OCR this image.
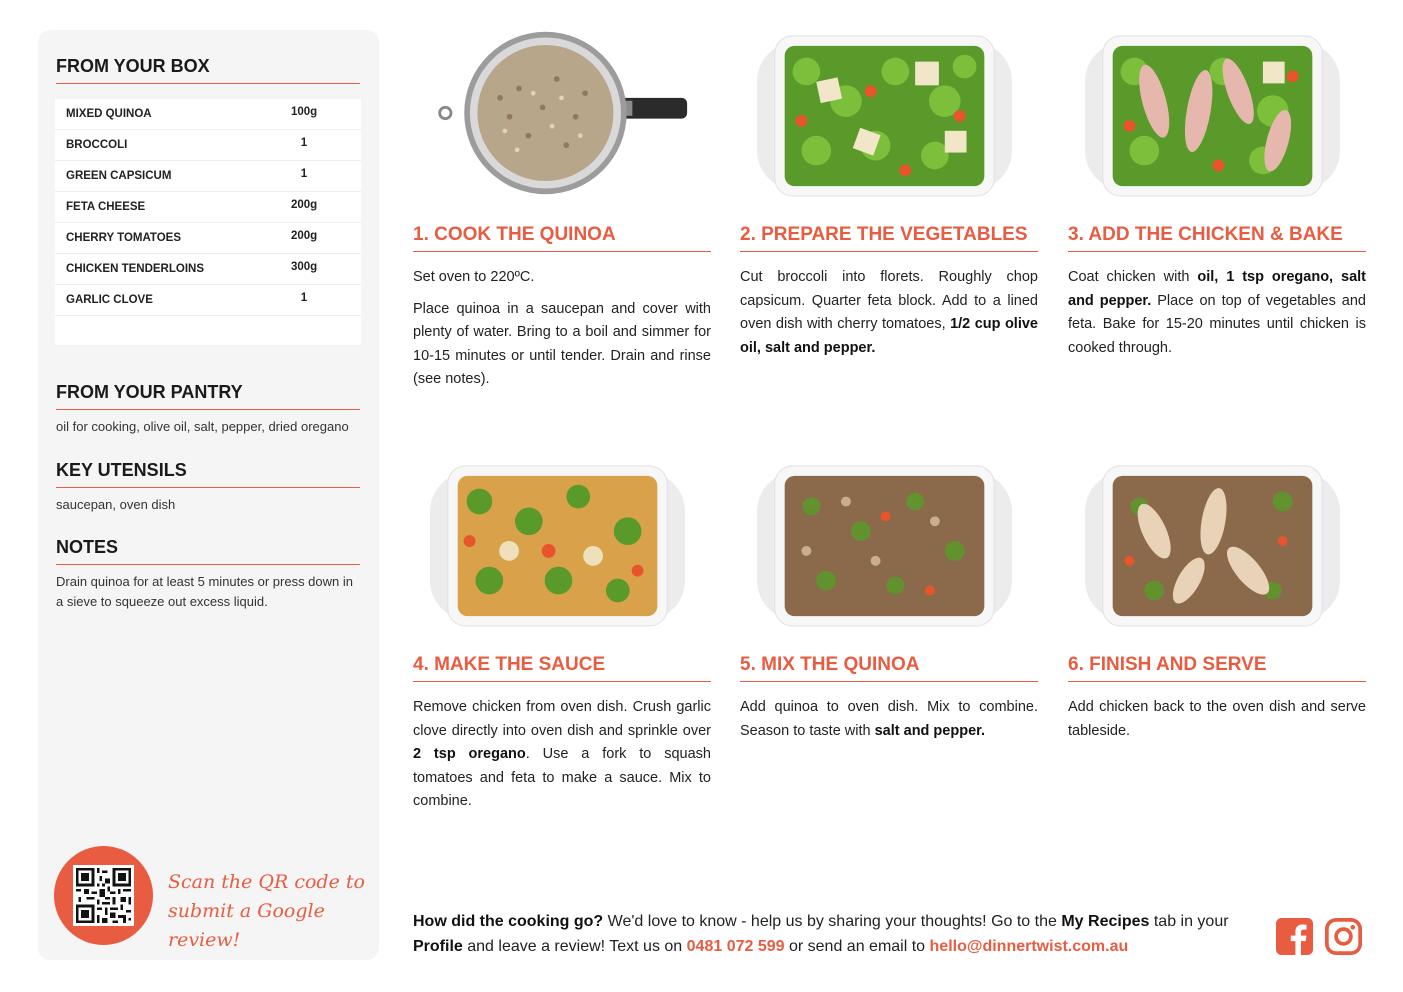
FROM YOUR BOX
MIXED QUINOA	100g
BROCCOLI	1
GREEN CAPSICUM	1
FETA CHEESE	200g
CHERRY TOMATOES	200g
CHICKEN TENDERLOINS	300g
GARLIC CLOVE	1
FROM YOUR PANTRY
oil for cooking, olive oil, salt, pepper, dried oregano
KEY UTENSILS
saucepan, oven dish
NOTES
Drain quinoa for at least 5 minutes or press down in a sieve to squeeze out excess liquid.
Scan the QR code to
submit a Google review!
1. COOK THE QUINOA	2. PREPARE THE VEGETABLES	3. ADD THE CHICKEN & BAKE
4. MAKE THE SAUCE	5. MIX THE QUINOA	6. FINISH AND SERVE

Set oven to 220ºC.

Place quinoa in a saucepan and cover with plenty of water. Bring to a boil and simmer for 10-15 minutes or until tender. Drain and rinse (see notes).

Cut broccoli into florets. Roughly chop capsicum. Quarter feta block. Add to a lined oven dish with cherry tomatoes, 1/2 cup olive oil, salt and pepper.
Coat chicken with oil, 1 tsp oregano, salt and pepper. Place on top of vegetables and feta. Bake for 15-20 minutes until chicken is cooked through.
Remove chicken from oven dish. Crush garlic clove directly into oven dish and sprinkle over 2 tsp oregano. Use a fork to squash tomatoes and feta to make a sauce. Mix to combine.
Add quinoa to oven dish. Mix to combine. Season to taste with salt and pepper.
Add chicken back to the oven dish and serve tableside.
How did the cooking go? We'd love to know - help us by sharing your thoughts! Go to the My Recipes tab in your Profile and leave a review! Text us on 0481 072 599 or send an email to hello@dinnertwist.com.au
